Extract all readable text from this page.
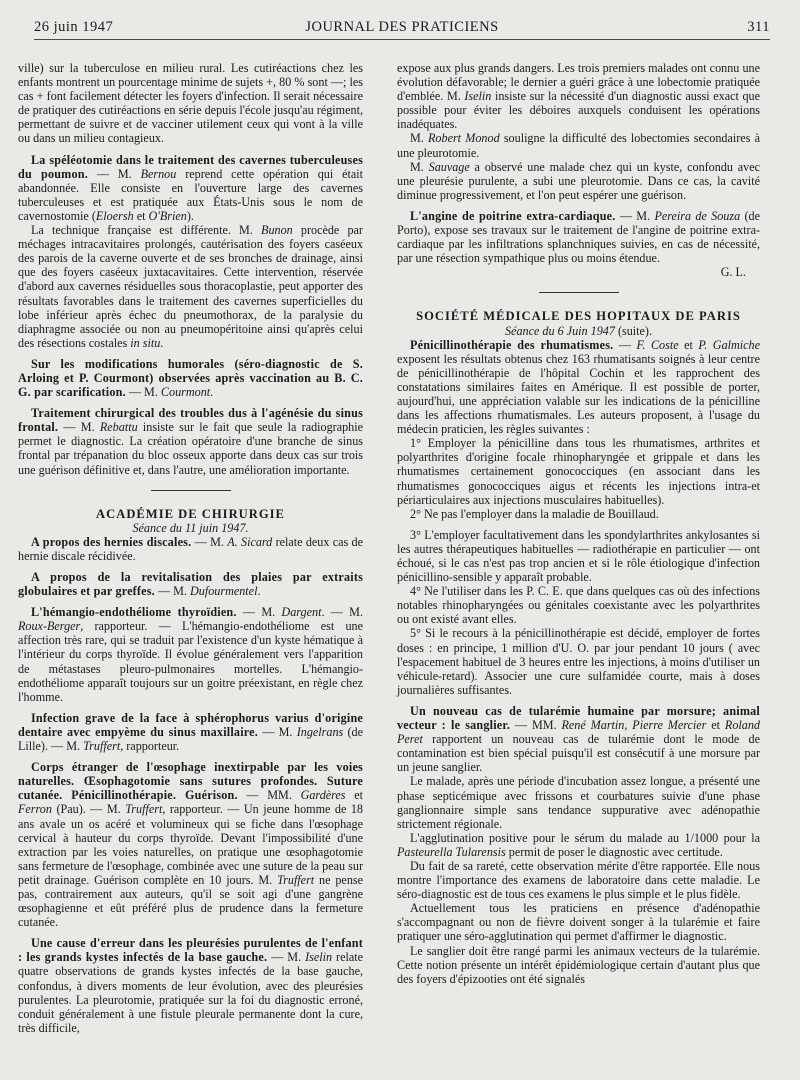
26 juin 1947	JOURNAL DES PRATICIENS	311

ville) sur la tuberculose en milieu rural. Les cutiréactions chez les enfants montrent un pourcentage minime de sujets +, 80 % sont —; les cas + font facilement détecter les foyers d'infection. Il serait nécessaire de pratiquer des cutiréactions en série depuis l'école jusqu'au régiment, permettant de suivre et de vacciner utilement ceux qui vont à la ville ou dans un milieu contagieux.

La spéléotomie dans le traitement des cavernes tuberculeuses du poumon. — M. Bernou reprend cette opération qui était abandonnée. Elle consiste en l'ouverture large des cavernes tuberculeuses et est pratiquée aux États-Unis sous le nom de cavernostomie (Eloersh et O'Brien).

La technique française est différente. M. Bunon procède par méchages intracavitaires prolongés, cautérisation des foyers caséeux des parois de la caverne ouverte et de ses bronches de drainage, ainsi que des foyers caséeux juxtacavitaires. Cette intervention, réservée d'abord aux cavernes résiduelles sous thoracoplastie, peut apporter des résultats favorables dans le traitement des cavernes superficielles du lobe inférieur après échec du pneumothorax, de la paralysie du diaphragme associée ou non au pneumopéritoine ainsi qu'après celui des résections costales in situ.

Sur les modifications humorales (séro-diagnostic de S. Arloing et P. Courmont) observées après vaccination au B. C. G. par scarification. — M. Courmont.

Traitement chirurgical des troubles dus à l'agénésie du sinus frontal. — M. Rebattu insiste sur le fait que seule la radiographie permet le diagnostic. La création opératoire d'une branche de sinus frontal par trépanation du bloc osseux apporte dans deux cas sur trois une guérison définitive et, dans l'autre, une amélioration importante.

ACADÉMIE DE CHIRURGIE

Séance du 11 juin 1947.

A propos des hernies discales. — M. A. Sicard relate deux cas de hernie discale récidivée.

A propos de la revitalisation des plaies par extraits globulaires et par greffes. — M. Dufourmentel.

L'hémangio-endothéliome thyroïdien. — M. Dargent. — M. Roux-Berger, rapporteur. — L'hémangio-endothéliome est une affection très rare, qui se traduit par l'existence d'un kyste hématique à l'intérieur du corps thyroïde. Il évolue généralement vers l'apparition de métastases pleuro-pulmonaires mortelles. L'hémangio-endothéliome apparaît toujours sur un goitre préexistant, en règle chez l'homme.

Infection grave de la face à sphérophorus varius d'origine dentaire avec empyème du sinus maxillaire. — M. Ingelrans (de Lille). — M. Truffert, rapporteur.

Corps étranger de l'œsophage inextirpable par les voies naturelles. Œsophagotomie sans sutures profondes. Suture cutanée. Pénicillinothérapie. Guérison. — MM. Gardères et Ferron (Pau). — M. Truffert, rapporteur. — Un jeune homme de 18 ans avale un os acéré et volumineux qui se fiche dans l'œsophage cervical à hauteur du corps thyroïde. Devant l'impossibilité d'une extraction par les voies naturelles, on pratique une œsophagotomie sans fermeture de l'œsophage, combinée avec une suture de la peau sur petit drainage. Guérison complète en 10 jours. M. Truffert ne pense pas, contrairement aux auteurs, qu'il se soit agi d'une gangrène œsophagienne et eût préféré plus de prudence dans la fermeture cutanée.

Une cause d'erreur dans les pleurésies purulentes de l'enfant : les grands kystes infectés de la base gauche. — M. Iselin relate quatre observations de grands kystes infectés de la base gauche, confondus, à divers moments de leur évolution, avec des pleurésies purulentes. La pleurotomie, pratiquée sur la foi du diagnostic erroné, conduit généralement à une fistule pleurale permanente dont la cure, très difficile,

expose aux plus grands dangers. Les trois premiers malades ont connu une évolution défavorable; le dernier a guéri grâce à une lobectomie pratiquée d'emblée. M. Iselin insiste sur la nécessité d'un diagnostic aussi exact que possible pour éviter les déboires auxquels conduisent les opérations inadéquates.

M. Robert Monod souligne la difficulté des lobectomies secondaires à une pleurotomie.

M. Sauvage a observé une malade chez qui un kyste, confondu avec une pleurésie purulente, a subi une pleurotomie. Dans ce cas, la cavité diminue progressivement, et l'on peut espérer une guérison.

L'angine de poitrine extra-cardiaque. — M. Pereira de Souza (de Porto), expose ses travaux sur le traitement de l'angine de poitrine extra-cardiaque par les infiltrations splanchniques suivies, en cas de nécessité, par une résection sympathique plus ou moins étendue.

G. L.

SOCIÉTÉ MÉDICALE DES HOPITAUX DE PARIS

Séance du 6 Juin 1947 (suite).

Pénicillinothérapie des rhumatismes. — F. Coste et P. Galmiche exposent les résultats obtenus chez 163 rhumatisants soignés à leur centre de pénicillinothérapie de l'hôpital Cochin et les rapprochent des constatations similaires faites en Amérique. Il est possible de porter, aujourd'hui, une appréciation valable sur les indications de la pénicilline dans les affections rhumatismales. Les auteurs proposent, à l'usage du médecin praticien, les règles suivantes :

1° Employer la pénicilline dans tous les rhumatismes, arthrites et polyarthrites d'origine focale rhinopharyngée et grippale et dans les rhumatismes certainement gonococciques (en associant dans les rhumatismes gonococciques aigus et récents les injections intra-et périarticulaires aux injections musculaires habituelles).

2° Ne pas l'employer dans la maladie de Bouillaud.

3° L'employer facultativement dans les spondylarthrites ankylosantes si les autres thérapeutiques habituelles — radiothérapie en particulier — ont échoué, si le cas n'est pas trop ancien et si le rôle étiologique d'infection pénicillino-sensible y apparaît probable.

4° Ne l'utiliser dans les P. C. E. que dans quelques cas où des infections notables rhinopharyngées ou génitales coexistante avec les polyarthrites ou ont existé avant elles.

5° Si le recours à la pénicillinothérapie est décidé, employer de fortes doses : en principe, 1 million d'U. O. par jour pendant 10 jours ( avec l'espacement habituel de 3 heures entre les injections, à moins d'utiliser un véhicule-retard). Associer une cure sulfamidée courte, mais à doses journalières suffisantes.

Un nouveau cas de tularémie humaine par morsure; animal vecteur : le sanglier. — MM. René Martin, Pierre Mercier et Roland Peret rapportent un nouveau cas de tularémie dont le mode de contamination est bien spécial puisqu'il est consécutif à une morsure par un jeune sanglier.

Le malade, après une période d'incubation assez longue, a présenté une phase septicémique avec frissons et courbatures suivie d'une phase ganglionnaire simple sans tendance suppurative avec adénopathie strictement régionale.

L'agglutination positive pour le sérum du malade au 1/1000 pour la Pasteurella Tularensis permit de poser le diagnostic avec certitude.

Du fait de sa rareté, cette observation mérite d'être rapportée. Elle nous montre l'importance des examens de laboratoire dans cette maladie. Le séro-diagnostic est de tous ces examens le plus simple et le plus fidèle.

Actuellement tous les praticiens en présence d'adénopathie s'accompagnant ou non de fièvre doivent songer à la tularémie et faire pratiquer une séro-agglutination qui permet d'affirmer le diagnostic.

Le sanglier doit être rangé parmi les animaux vecteurs de la tularémie. Cette notion présente un intérêt épidémiologique certain d'autant plus que des foyers d'épizooties ont été signalés
